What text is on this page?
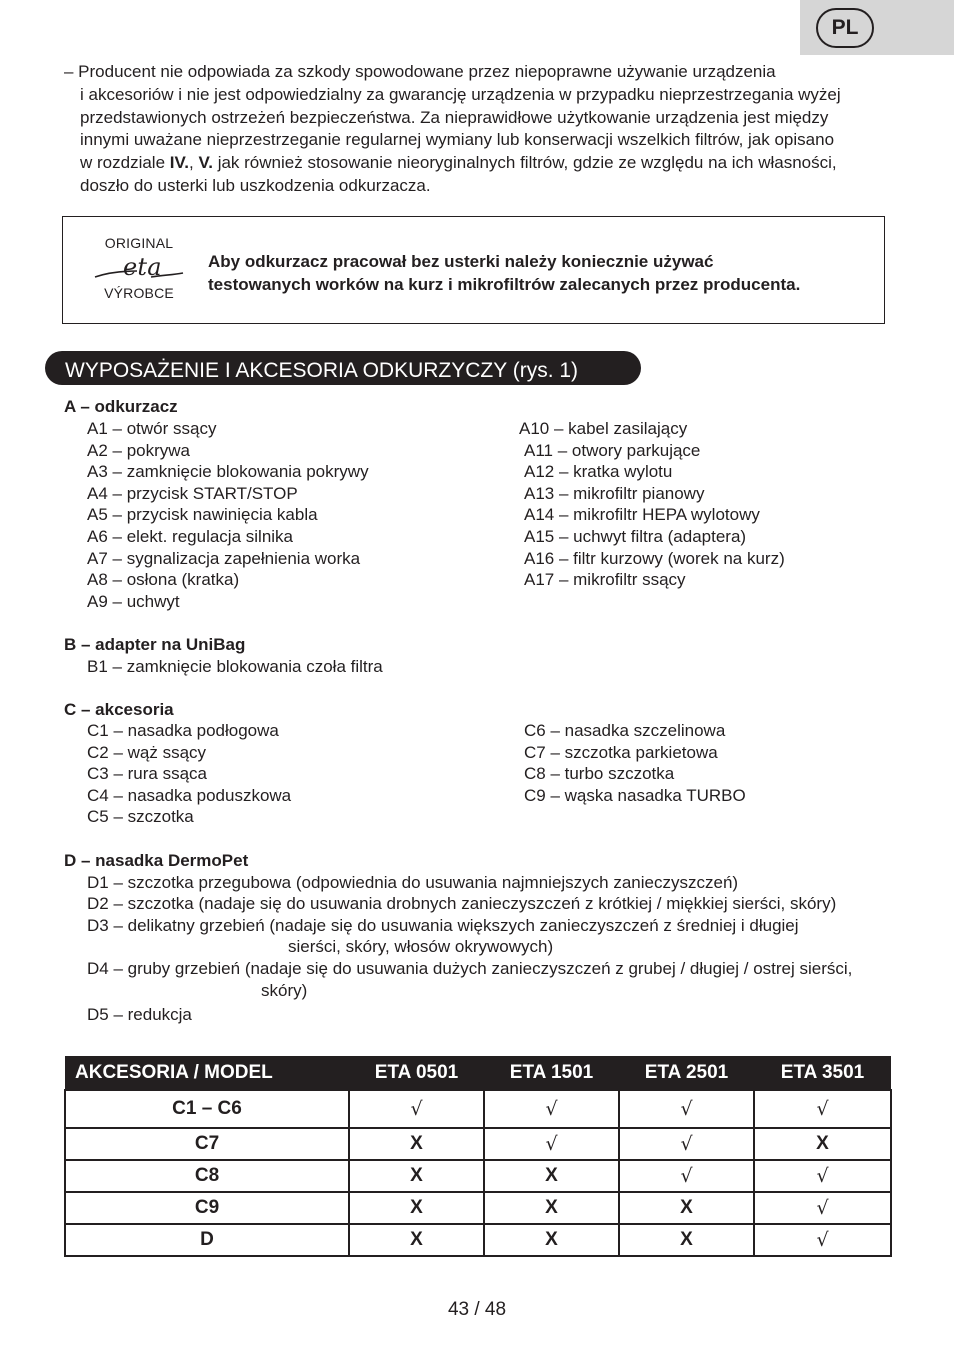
PL
– Producent nie odpowiada za szkody spowodowane przez niepoprawne używanie urządzenia
i akcesoriów i nie jest odpowiedzialny za gwarancję urządzenia w przypadku nieprzestrzegania wyżej
przedstawionych ostrzeżeń bezpieczeństwa. Za nieprawidłowe użytkowanie urządzenia jest między
innymi uważane nieprzestrzeganie regularnej wymiany lub konserwacji wszelkich filtrów, jak opisano
w rozdziale IV., V. jak również stosowanie nieoryginalnych filtrów, gdzie ze względu na ich własności,
doszło do usterki lub uszkodzenia odkurzacza.
ORIGINAL
eta
VÝROBCE
Aby odkurzacz pracował bez usterki należy koniecznie używać
testowanych worków na kurz i mikrofiltrów zalecanych przez producenta.
WYPOSAŻENIE I AKCESORIA ODKURZYCZY (rys. 1)
A – odkurzacz
A1 – otwór ssący
A2 – pokrywa
A3 – zamknięcie blokowania pokrywy
A4 – przycisk START/STOP
A5 – przycisk nawinięcia kabla
A6 – elekt. regulacja silnika
A7 – sygnalizacja zapełnienia worka
A8 – osłona (kratka)
A9 – uchwyt
A10 – kabel zasilający
A11 – otwory parkujące
A12 – kratka wylotu
A13 – mikrofiltr pianowy
A14 – mikrofiltr HEPA wylotowy
A15 – uchwyt filtra (adaptera)
A16 – filtr kurzowy (worek na kurz)
A17 – mikrofiltr ssący
B – adapter na UniBag
B1 – zamknięcie blokowania czoła filtra
C – akcesoria
C1 – nasadka podłogowa
C2 – wąż ssący
C3 – rura ssąca
C4 – nasadka poduszkowa
C5 – szczotka
C6 – nasadka szczelinowa
C7 – szczotka parkietowa
C8 – turbo szczotka
C9 – wąska nasadka TURBO
D – nasadka DermoPet
D1 – szczotka przegubowa (odpowiednia do usuwania najmniejszych zanieczyszczeń)
D2 – szczotka (nadaje się do usuwania drobnych zanieczyszczeń z krótkiej / miękkiej sierści, skóry)
D3 – delikatny grzebień (nadaje się do usuwania większych zanieczyszczeń z średniej i długiej
sierści, skóry, włosów okrywowych)
D4 – gruby grzebień (nadaje się do usuwania dużych zanieczyszczeń z grubej / długiej / ostrej sierści,
skóry)
D5 – redukcja
AKCESORIA / MODEL	ETA 0501	ETA 1501	ETA 2501	ETA 3501
C1 – C6	√	√	√	√
C7	X	√	√	X
C8	X	X	√	√
C9	X	X	X	√
D	X	X	X	√
43 / 48
